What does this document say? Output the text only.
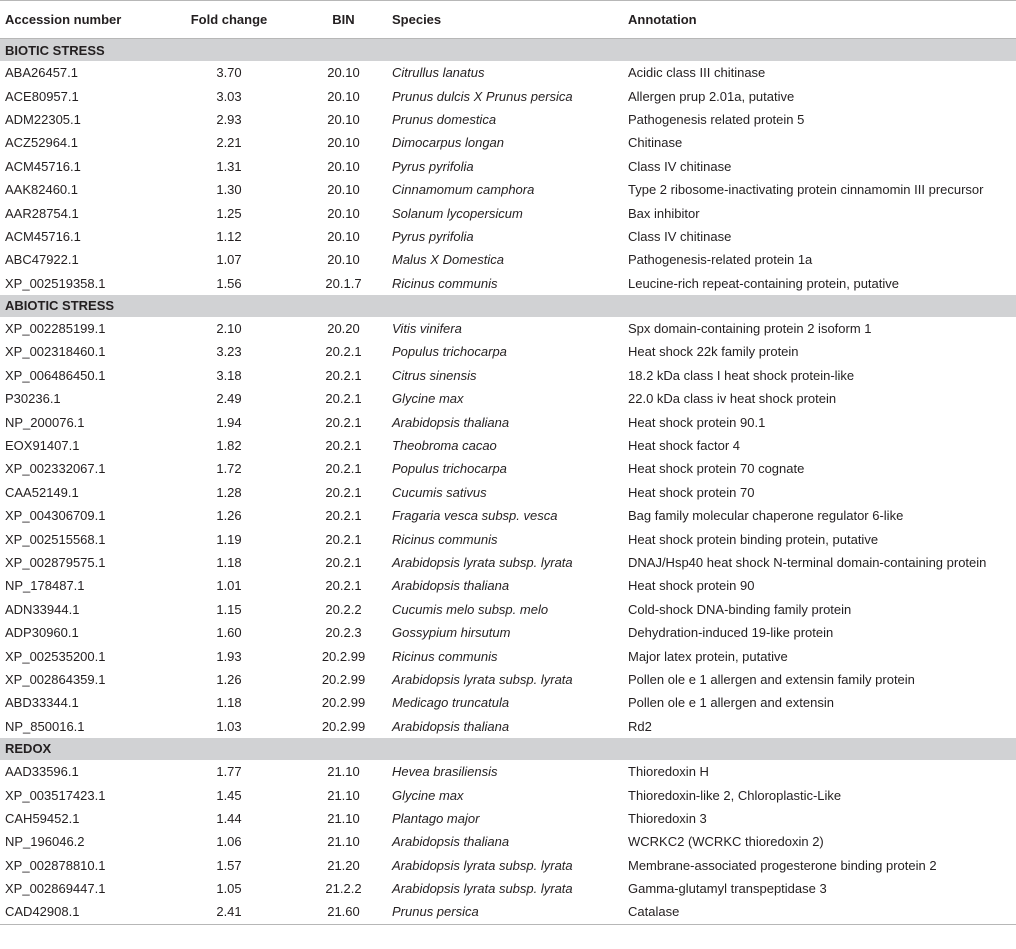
Accession number	Fold change	BIN	Species	Annotation
BIOTIC STRESS				
ABA26457.1	3.70	20.10	Citrullus lanatus	Acidic class III chitinase
ACE80957.1	3.03	20.10	Prunus dulcis X Prunus persica	Allergen prup 2.01a, putative
ADM22305.1	2.93	20.10	Prunus domestica	Pathogenesis related protein 5
ACZ52964.1	2.21	20.10	Dimocarpus longan	Chitinase
ACM45716.1	1.31	20.10	Pyrus pyrifolia	Class IV chitinase
AAK82460.1	1.30	20.10	Cinnamomum camphora	Type 2 ribosome-inactivating protein cinnamomin III precursor
AAR28754.1	1.25	20.10	Solanum lycopersicum	Bax inhibitor
ACM45716.1	1.12	20.10	Pyrus pyrifolia	Class IV chitinase
ABC47922.1	1.07	20.10	Malus X Domestica	Pathogenesis-related protein 1a
XP_002519358.1	1.56	20.1.7	Ricinus communis	Leucine-rich repeat-containing protein, putative
ABIOTIC STRESS				
XP_002285199.1	2.10	20.20	Vitis vinifera	Spx domain-containing protein 2 isoform 1
XP_002318460.1	3.23	20.2.1	Populus trichocarpa	Heat shock 22k family protein
XP_006486450.1	3.18	20.2.1	Citrus sinensis	18.2 kDa class I heat shock protein-like
P30236.1	2.49	20.2.1	Glycine max	22.0 kDa class iv heat shock protein
NP_200076.1	1.94	20.2.1	Arabidopsis thaliana	Heat shock protein 90.1
EOX91407.1	1.82	20.2.1	Theobroma cacao	Heat shock factor 4
XP_002332067.1	1.72	20.2.1	Populus trichocarpa	Heat shock protein 70 cognate
CAA52149.1	1.28	20.2.1	Cucumis sativus	Heat shock protein 70
XP_004306709.1	1.26	20.2.1	Fragaria vesca subsp. vesca	Bag family molecular chaperone regulator 6-like
XP_002515568.1	1.19	20.2.1	Ricinus communis	Heat shock protein binding protein, putative
XP_002879575.1	1.18	20.2.1	Arabidopsis lyrata subsp. lyrata	DNAJ/Hsp40 heat shock N-terminal domain-containing protein
NP_178487.1	1.01	20.2.1	Arabidopsis thaliana	Heat shock protein 90
ADN33944.1	1.15	20.2.2	Cucumis melo subsp. melo	Cold-shock DNA-binding family protein
ADP30960.1	1.60	20.2.3	Gossypium hirsutum	Dehydration-induced 19-like protein
XP_002535200.1	1.93	20.2.99	Ricinus communis	Major latex protein, putative
XP_002864359.1	1.26	20.2.99	Arabidopsis lyrata subsp. lyrata	Pollen ole e 1 allergen and extensin family protein
ABD33344.1	1.18	20.2.99	Medicago truncatula	Pollen ole e 1 allergen and extensin
NP_850016.1	1.03	20.2.99	Arabidopsis thaliana	Rd2
REDOX				
AAD33596.1	1.77	21.10	Hevea brasiliensis	Thioredoxin H
XP_003517423.1	1.45	21.10	Glycine max	Thioredoxin-like 2, Chloroplastic-Like
CAH59452.1	1.44	21.10	Plantago major	Thioredoxin 3
NP_196046.2	1.06	21.10	Arabidopsis thaliana	WCRKC2 (WCRKC thioredoxin 2)
XP_002878810.1	1.57	21.20	Arabidopsis lyrata subsp. lyrata	Membrane-associated progesterone binding protein 2
XP_002869447.1	1.05	21.2.2	Arabidopsis lyrata subsp. lyrata	Gamma-glutamyl transpeptidase 3
CAD42908.1	2.41	21.60	Prunus persica	Catalase
